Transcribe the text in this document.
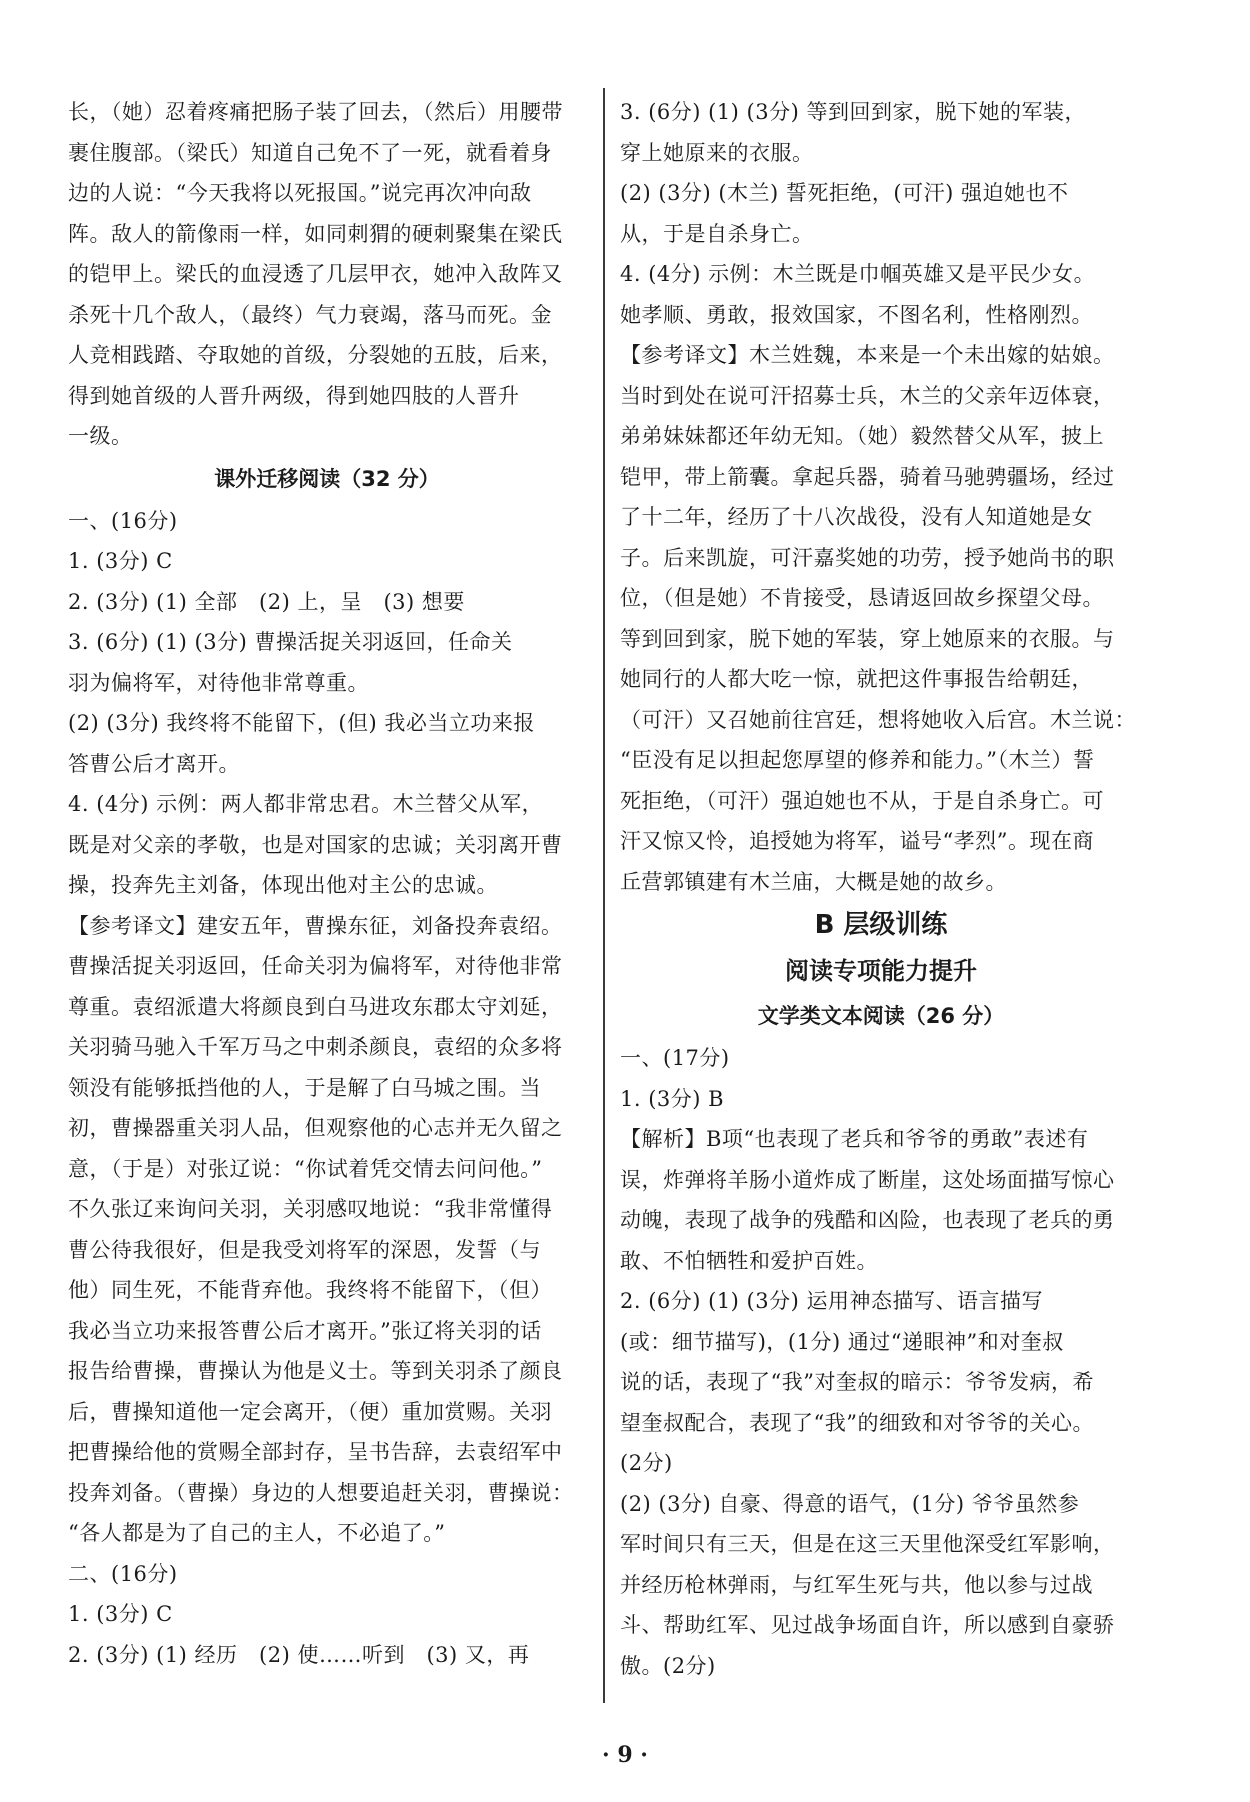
长，（她）忍着疼痛把肠子装了回去，（然后）用腰带
裹住腹部。（梁氏）知道自己免不了一死，就看着身
边的人说：“今天我将以死报国。”说完再次冲向敌
阵。敌人的箭像雨一样，如同刺猬的硬刺聚集在梁氏
的铠甲上。梁氏的血浸透了几层甲衣，她冲入敌阵又
杀死十几个敌人，（最终）气力衰竭，落马而死。金
人竞相践踏、夺取她的首级，分裂她的五肢，后来，
得到她首级的人晋升两级，得到她四肢的人晋升
一级。
课外迁移阅读（32 分）
一、(16分)
1. (3分) C
2. (3分) (1) 全部　(2) 上，呈　(3) 想要
3. (6分) (1) (3分) 曹操活捉关羽返回，任命关
羽为偏将军，对待他非常尊重。
(2) (3分) 我终将不能留下，(但) 我必当立功来报
答曹公后才离开。
4. (4分) 示例：两人都非常忠君。木兰替父从军，
既是对父亲的孝敬，也是对国家的忠诚；关羽离开曹
操，投奔先主刘备，体现出他对主公的忠诚。
【参考译文】建安五年，曹操东征，刘备投奔袁绍。
曹操活捉关羽返回，任命关羽为偏将军，对待他非常
尊重。袁绍派遣大将颜良到白马进攻东郡太守刘延，
关羽骑马驰入千军万马之中刺杀颜良，袁绍的众多将
领没有能够抵挡他的人，于是解了白马城之围。当
初，曹操器重关羽人品，但观察他的心志并无久留之
意，（于是）对张辽说：“你试着凭交情去问问他。”
不久张辽来询问关羽，关羽感叹地说：“我非常懂得
曹公待我很好，但是我受刘将军的深恩，发誓（与
他）同生死，不能背弃他。我终将不能留下，（但）
我必当立功来报答曹公后才离开。”张辽将关羽的话
报告给曹操，曹操认为他是义士。等到关羽杀了颜良
后，曹操知道他一定会离开，（便）重加赏赐。关羽
把曹操给他的赏赐全部封存，呈书告辞，去袁绍军中
投奔刘备。（曹操）身边的人想要追赶关羽，曹操说：
“各人都是为了自己的主人，不必追了。”
二、(16分)
1. (3分) C
2. (3分) (1) 经历　(2) 使……听到　(3) 又，再
3. (6分) (1) (3分) 等到回到家，脱下她的军装，
穿上她原来的衣服。
(2) (3分) (木兰) 誓死拒绝，(可汗) 强迫她也不
从，于是自杀身亡。
4. (4分) 示例：木兰既是巾帼英雄又是平民少女。
她孝顺、勇敢，报效国家，不图名利，性格刚烈。
【参考译文】木兰姓魏，本来是一个未出嫁的姑娘。
当时到处在说可汗招募士兵，木兰的父亲年迈体衰，
弟弟妹妹都还年幼无知。（她）毅然替父从军，披上
铠甲，带上箭囊。拿起兵器，骑着马驰骋疆场，经过
了十二年，经历了十八次战役，没有人知道她是女
子。后来凯旋，可汗嘉奖她的功劳，授予她尚书的职
位，（但是她）不肯接受，恳请返回故乡探望父母。
等到回到家，脱下她的军装，穿上她原来的衣服。与
她同行的人都大吃一惊，就把这件事报告给朝廷，
（可汗）又召她前往宫廷，想将她收入后宫。木兰说：
“臣没有足以担起您厚望的修养和能力。”（木兰）誓
死拒绝，（可汗）强迫她也不从，于是自杀身亡。可
汗又惊又怜，追授她为将军，谥号“孝烈”。现在商
丘营郭镇建有木兰庙，大概是她的故乡。
B 层级训练
阅读专项能力提升
文学类文本阅读（26 分）
一、(17分)
1. (3分) B
【解析】B项“也表现了老兵和爷爷的勇敢”表述有
误，炸弹将羊肠小道炸成了断崖，这处场面描写惊心
动魄，表现了战争的残酷和凶险，也表现了老兵的勇
敢、不怕牺牲和爱护百姓。
2. (6分) (1) (3分) 运用神态描写、语言描写
(或：细节描写)，(1分) 通过“递眼神”和对奎叔
说的话，表现了“我”对奎叔的暗示：爷爷发病，希
望奎叔配合，表现了“我”的细致和对爷爷的关心。
(2分)
(2) (3分) 自豪、得意的语气，(1分) 爷爷虽然参
军时间只有三天，但是在这三天里他深受红军影响，
并经历枪林弹雨，与红军生死与共，他以参与过战
斗、帮助红军、见过战争场面自许，所以感到自豪骄
傲。(2分)
· 9 ·
